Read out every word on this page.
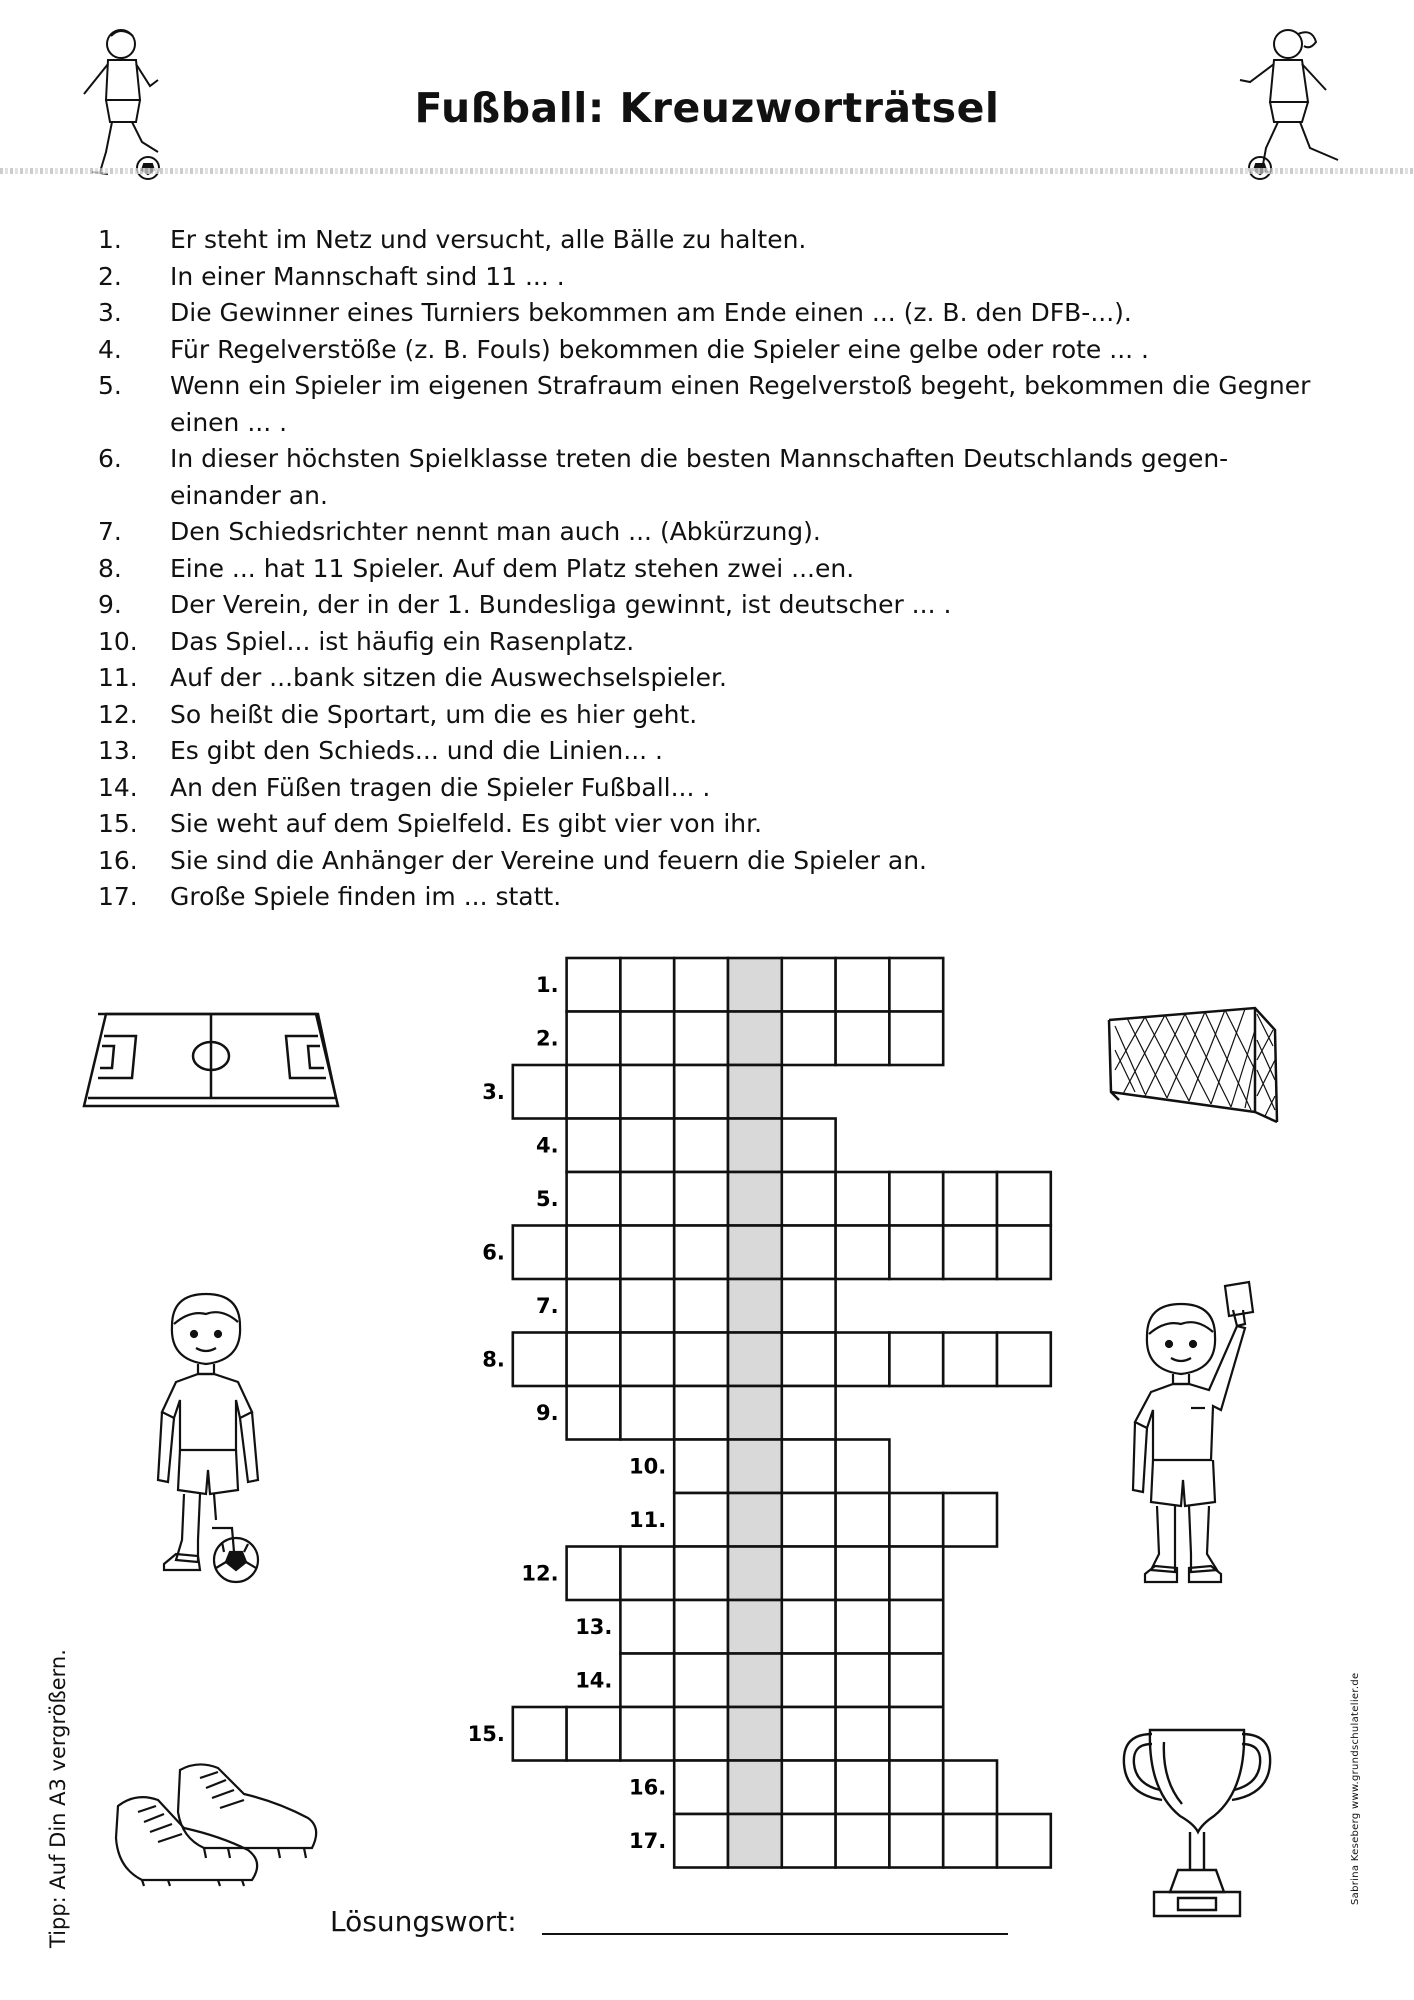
Fußball: Kreuzworträtsel
1.	Er steht im Netz und versucht, alle Bälle zu halten.
2.	In einer Mannschaft sind 11 ... .
3.	Die Gewinner eines Turniers bekommen am Ende einen ... (z. B. den DFB-...).
4.	Für Regelverstöße (z. B. Fouls) bekommen die Spieler eine gelbe oder rote ... .
5.	Wenn ein Spieler im eigenen Strafraum einen Regelverstoß begeht, bekommen die Gegner einen ... .
6.	In dieser höchsten Spielklasse treten die besten Mannschaften Deutschlands gegen-einander an.
7.	Den Schiedsrichter nennt man auch ... (Abkürzung).
8.	Eine ... hat 11 Spieler. Auf dem Platz stehen zwei ...en.
9.	Der Verein, der in der 1. Bundesliga gewinnt, ist deutscher ... .
10.	Das Spiel... ist häufig ein Rasenplatz.
11.	Auf der ...bank sitzen die Auswechselspieler.
12.	So heißt die Sportart, um die es hier geht.
13.	Es gibt den Schieds... und die Linien... .
14.	An den Füßen tragen die Spieler Fußball... .
15.	Sie weht auf dem Spielfeld. Es gibt vier von ihr.
16.	Sie sind die Anhänger der Vereine und feuern die Spieler an.
17.	Große Spiele finden im ... statt.
1.
2.
3.
4.
5.
6.
7.
8.
9.
10.
11.
12.
13.
14.
15.
16.
17.
Lösungswort:
Tipp: Auf Din A3 vergrößern.	Sabrina Keseberg www.grundschulatelier.de
